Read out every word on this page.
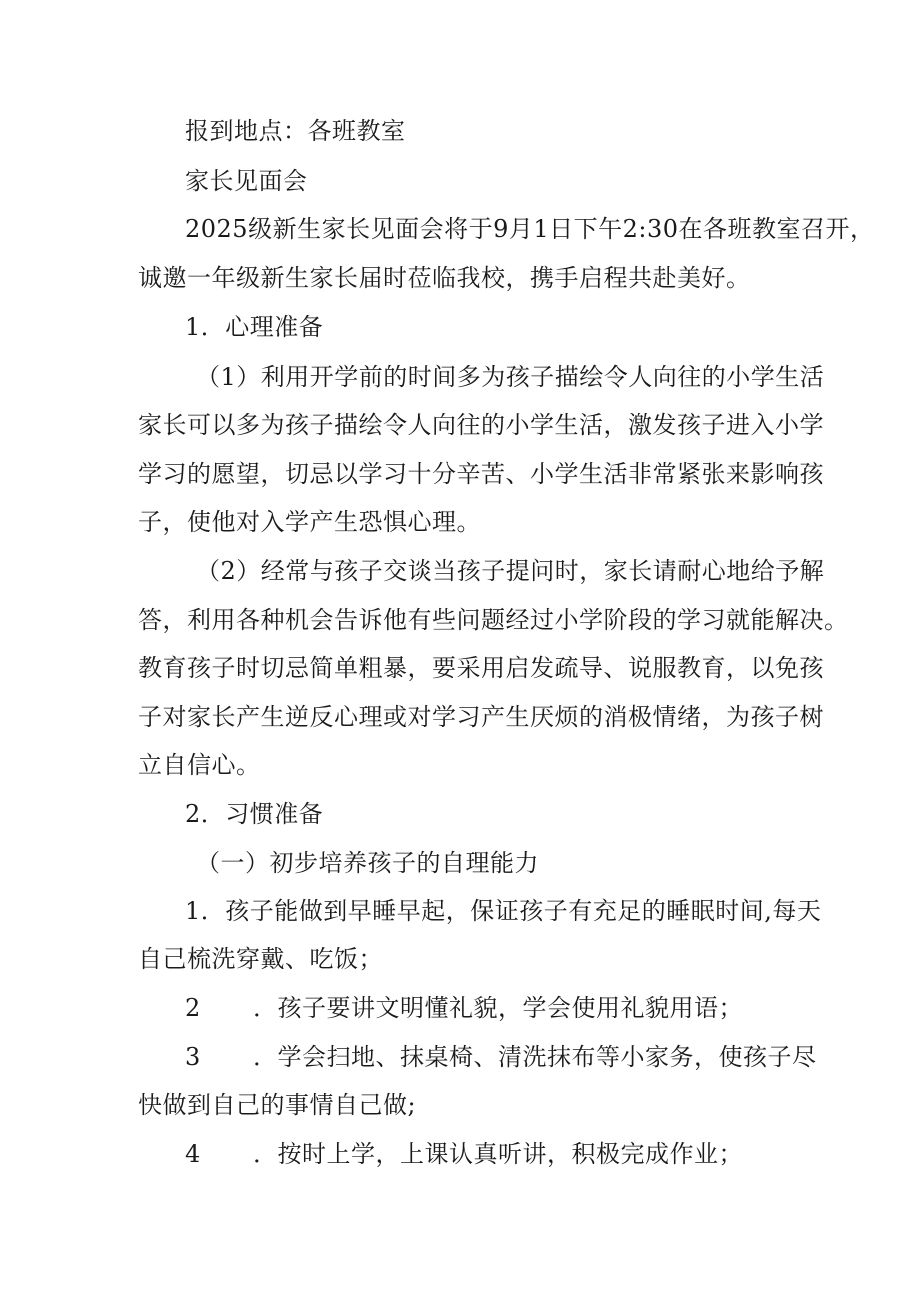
报到地点：各班教室
家长见面会
2025级新生家长见面会将于9月1日下午2:30在各班教室召开，
诚邀一年级新生家长届时莅临我校，携手启程共赴美好。
1．心理准备
（1）利用开学前的时间多为孩子描绘令人向往的小学生活
家长可以多为孩子描绘令人向往的小学生活，激发孩子进入小学
学习的愿望，切忌以学习十分辛苦、小学生活非常紧张来影响孩
子，使他对入学产生恐惧心理。
（2）经常与孩子交谈当孩子提问时，家长请耐心地给予解
答，利用各种机会告诉他有些问题经过小学阶段的学习就能解决。
教育孩子时切忌简单粗暴，要采用启发疏导、说服教育，以免孩
子对家长产生逆反心理或对学习产生厌烦的消极情绪，为孩子树
立自信心。
2．习惯准备
（一）初步培养孩子的自理能力
1．孩子能做到早睡早起，保证孩子有充足的睡眠时间,每天
自己梳洗穿戴、吃饭；
2 ．孩子要讲文明懂礼貌，学会使用礼貌用语；
3 ．学会扫地、抹桌椅、清洗抹布等小家务，使孩子尽
快做到自己的事情自己做;
4 ．按时上学，上课认真听讲，积极完成作业；
